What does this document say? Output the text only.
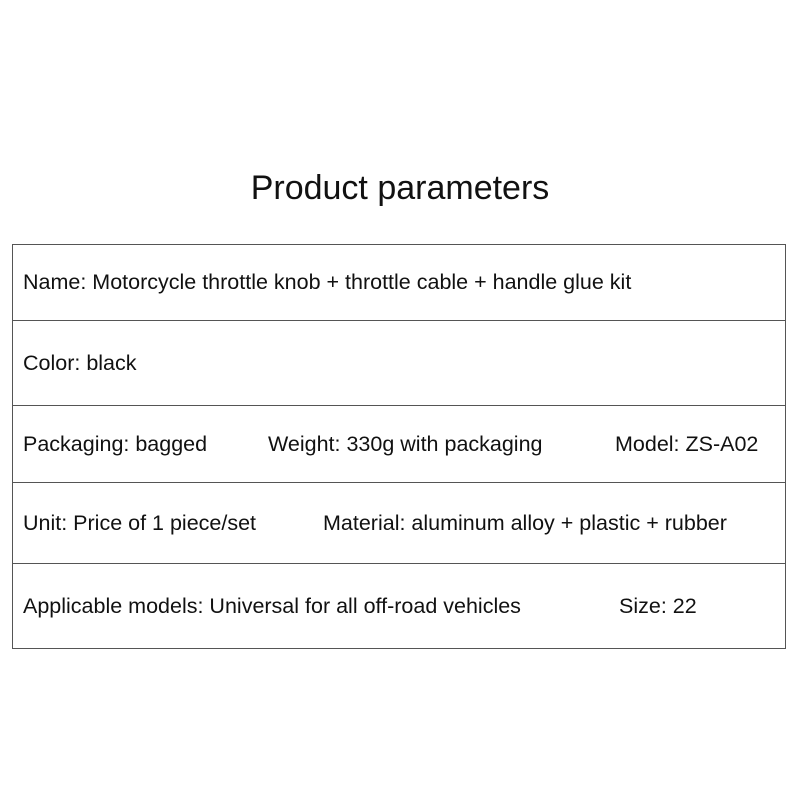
Product parameters
Name: Motorcycle throttle knob + throttle cable + handle glue kit
Color: black
Packaging: bagged	Weight: 330g with packaging	Model: ZS-A02
Unit: Price of 1 piece/set	Material: aluminum alloy + plastic + rubber
Applicable models: Universal for all off-road vehicles	Size: 22
